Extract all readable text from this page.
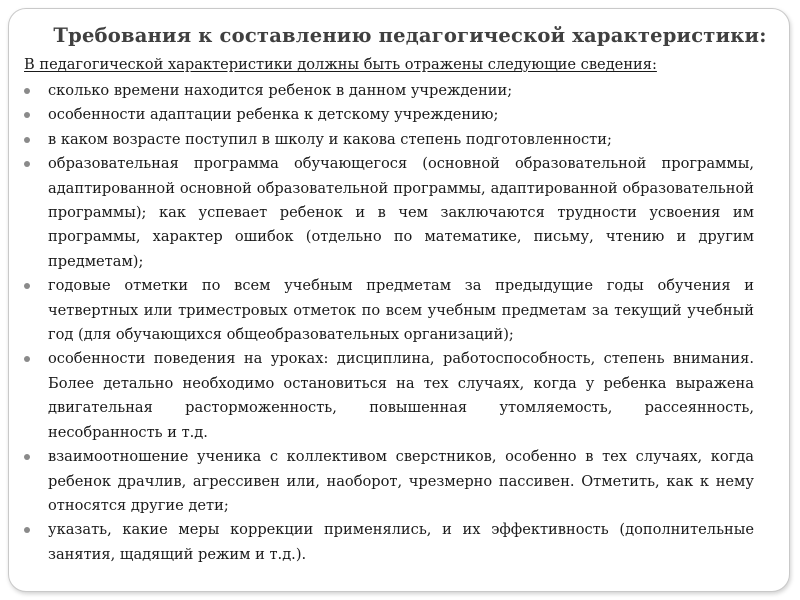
Требования к составлению педагогической характеристики:

В педагогической характеристики должны быть отражены следующие сведения:

сколько времени находится ребенок в данном учреждении;
особенности адаптации ребенка к детскому учреждению;
в каком возрасте поступил в школу и какова степень подготовленности;
образовательная программа обучающегося (основной образовательной программы, адаптированной основной образовательной программы, адаптированной образовательной программы); как успевает ребенок и в чем заключаются трудности усвоения им программы, характер ошибок (отдельно по математике, письму, чтению и другим предметам);
годовые отметки по всем учебным предметам за предыдущие годы обучения и четвертных или триместровых отметок по всем учебным предметам за текущий учебный год (для обучающихся общеобразовательных организаций);
особенности поведения на уроках: дисциплина, работоспособность, степень внимания. Более детально необходимо остановиться на тех случаях, когда у ребенка выражена двигательная расторможенность, повышенная утомляемость, рассеянность, несобранность и т.д.
взаимоотношение ученика с коллективом сверстников, особенно в тех случаях, когда ребенок драчлив, агрессивен или, наоборот, чрезмерно пассивен. Отметить, как к нему относятся другие дети;
указать, какие меры коррекции применялись, и их эффективность (дополнительные занятия, щадящий режим и т.д.).
